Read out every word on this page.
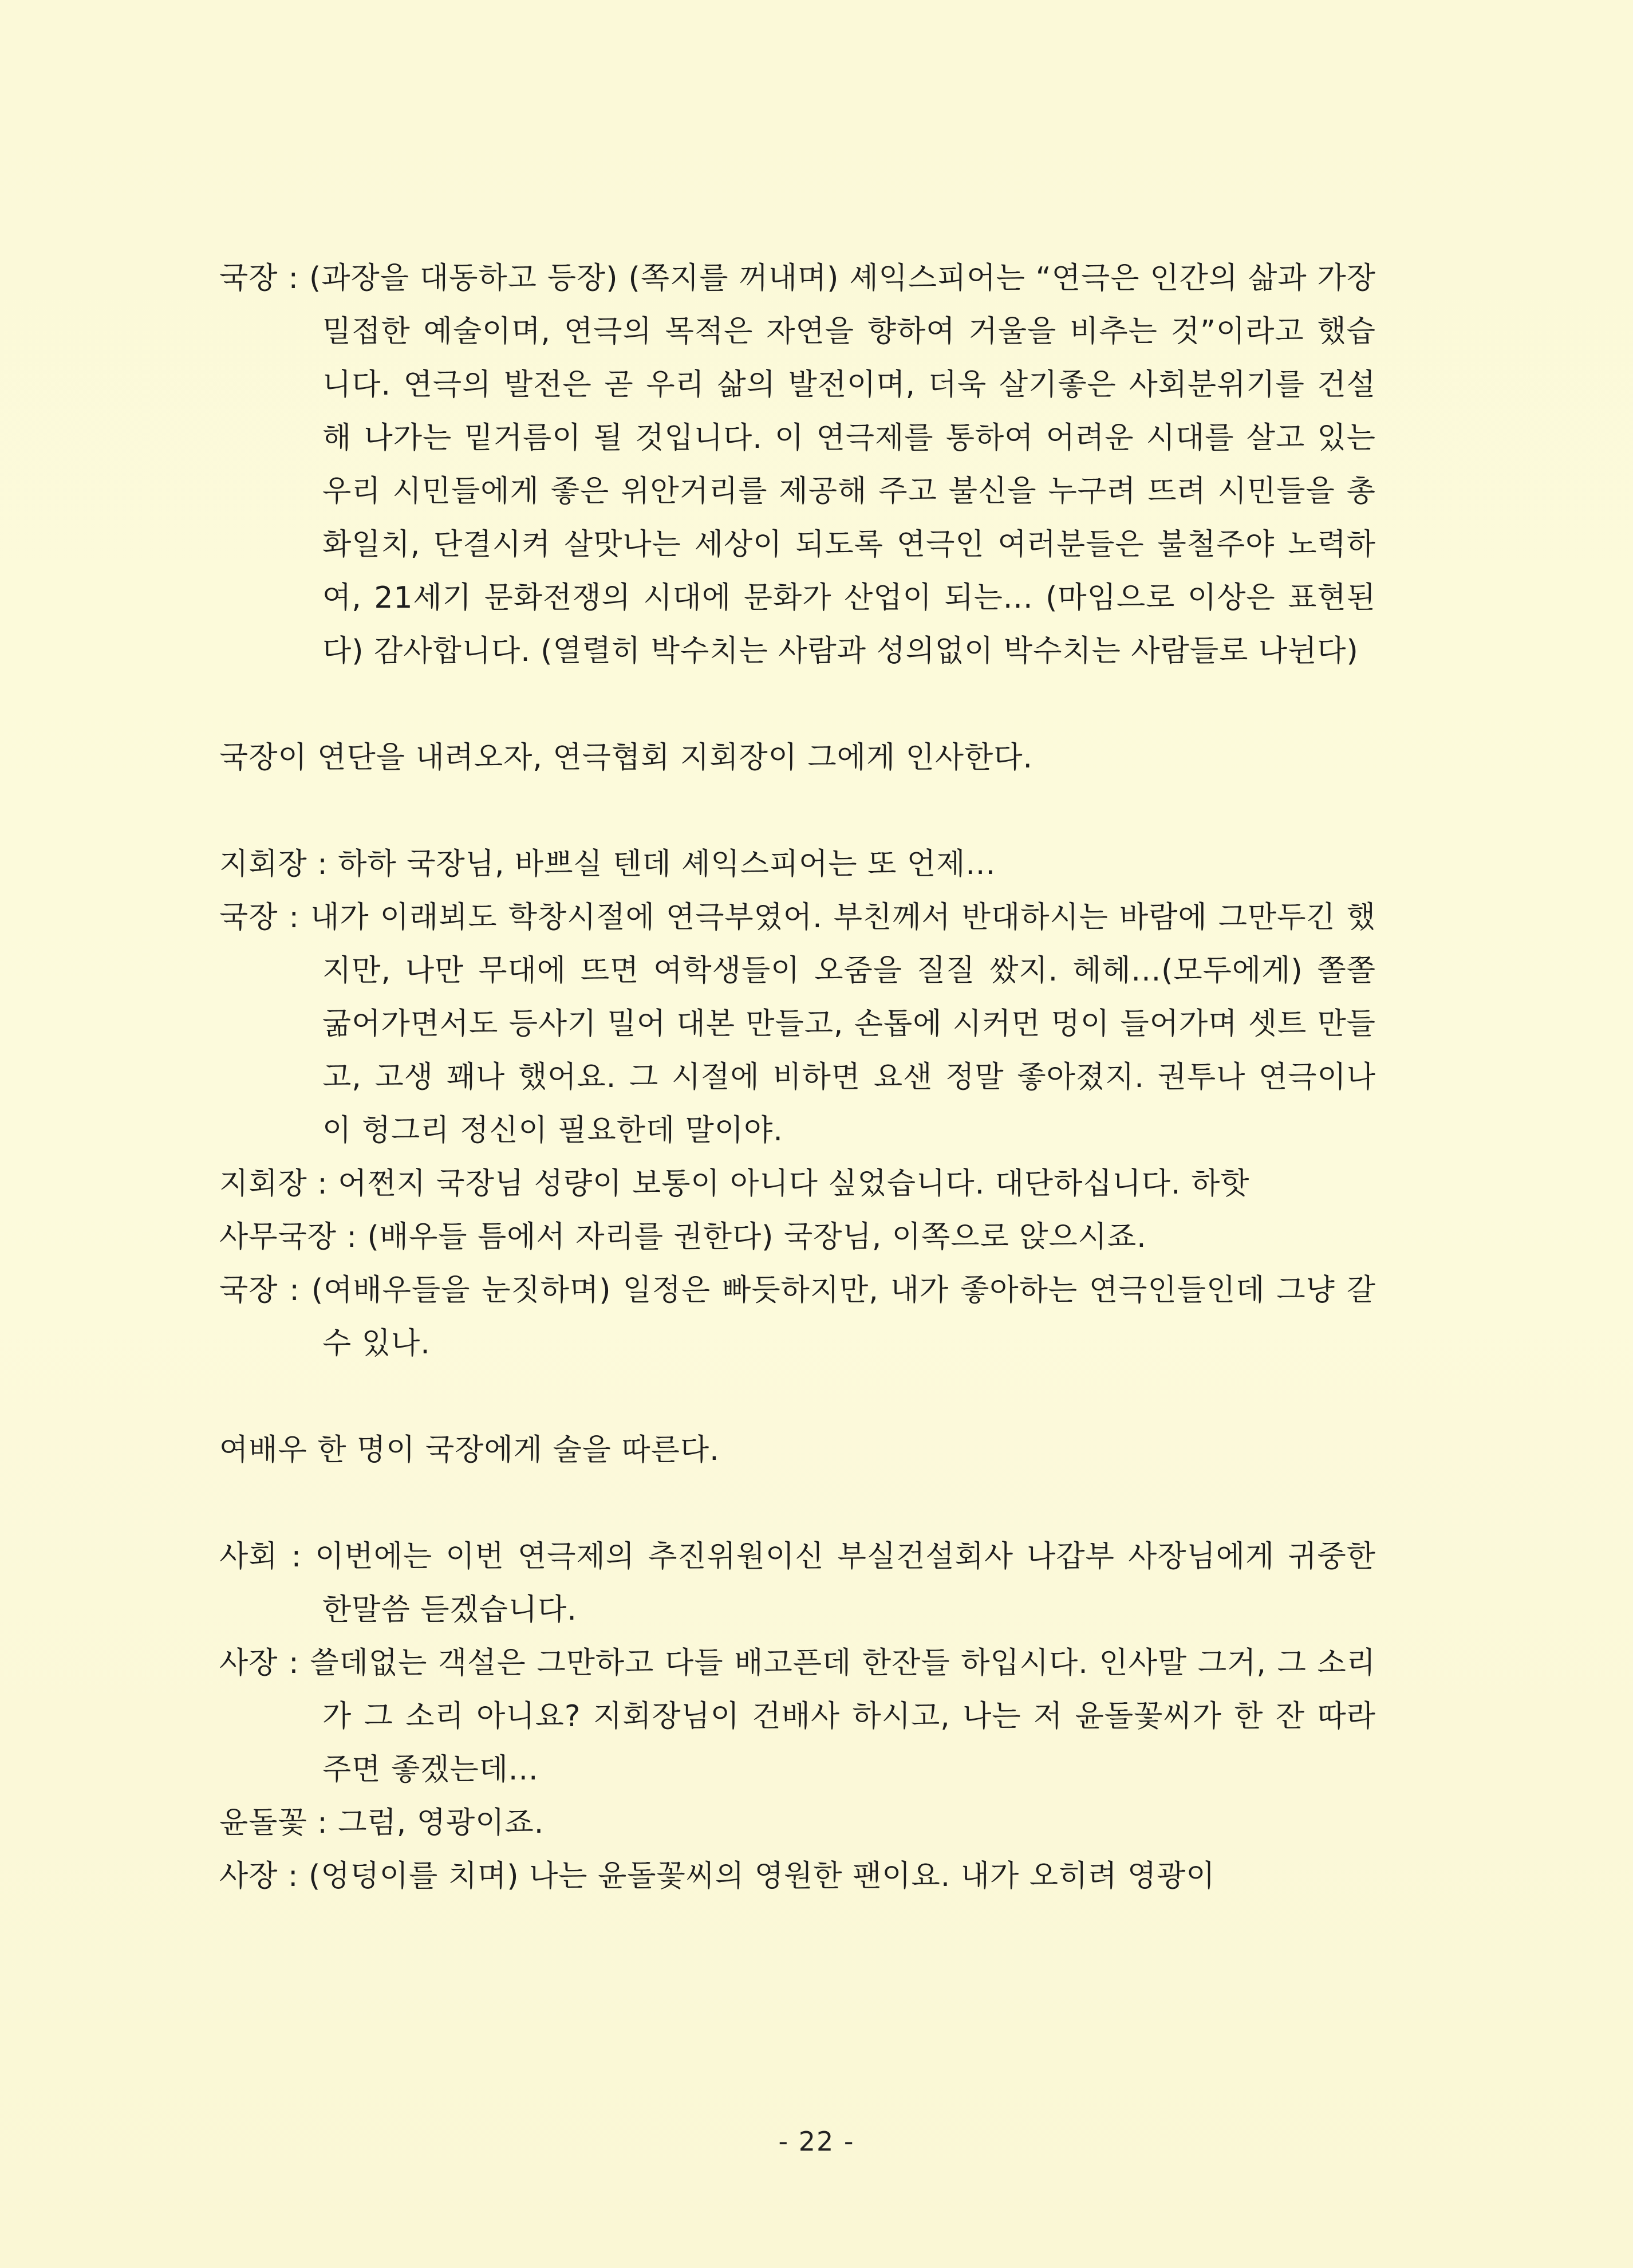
국장 : (과장을 대동하고 등장) (쪽지를 꺼내며) 셰익스피어는 “연극은 인간의 삶과 가장 밀접한 예술이며, 연극의 목적은 자연을 향하여 거울을 비추는 것”이라고 했습니다. 연극의 발전은 곧 우리 삶의 발전이며, 더욱 살기좋은 사회분위기를 건설해 나가는 밑거름이 될 것입니다. 이 연극제를 통하여 어려운 시대를 살고 있는 우리 시민들에게 좋은 위안거리를 제공해 주고 불신을 누구려 뜨려 시민들을 총화일치, 단결시켜 살맛나는 세상이 되도록 연극인 여러분들은 불철주야 노력하여, 21세기 문화전쟁의 시대에 문화가 산업이 되는... (마임으로 이상은 표현된다) 감사합니다. (열렬히 박수치는 사람과 성의없이 박수치는 사람들로 나뉜다)

국장이 연단을 내려오자, 연극협회 지회장이 그에게 인사한다.

지회장 : 하하 국장님, 바쁘실 텐데 셰익스피어는 또 언제...

국장 : 내가 이래뵈도 학창시절에 연극부였어. 부친께서 반대하시는 바람에 그만두긴 했지만, 나만 무대에 뜨면 여학생들이 오줌을 질질 쌌지. 헤헤...(모두에게) 쫄쫄 굶어가면서도 등사기 밀어 대본 만들고, 손톱에 시커먼 멍이 들어가며 셋트 만들고, 고생 꽤나 했어요. 그 시절에 비하면 요샌 정말 좋아졌지. 권투나 연극이나 이 헝그리 정신이 필요한데 말이야.

지회장 : 어쩐지 국장님 성량이 보통이 아니다 싶었습니다. 대단하십니다. 하핫

사무국장 : (배우들 틈에서 자리를 권한다) 국장님, 이쪽으로 앉으시죠.

국장 : (여배우들을 눈짓하며) 일정은 빠듯하지만, 내가 좋아하는 연극인들인데 그냥 갈 수 있나.

여배우 한 명이 국장에게 술을 따른다.

사회 : 이번에는 이번 연극제의 추진위원이신 부실건설회사 나갑부 사장님에게 귀중한 한말씀 듣겠습니다.

사장 : 쓸데없는 객설은 그만하고 다들 배고픈데 한잔들 하입시다. 인사말 그거, 그 소리가 그 소리 아니요? 지회장님이 건배사 하시고, 나는 저 윤돌꽃씨가 한 잔 따라 주면 좋겠는데...

윤돌꽃 : 그럼, 영광이죠.

사장 : (엉덩이를 치며) 나는 윤돌꽃씨의 영원한 팬이요. 내가 오히려 영광이

- 22 -
